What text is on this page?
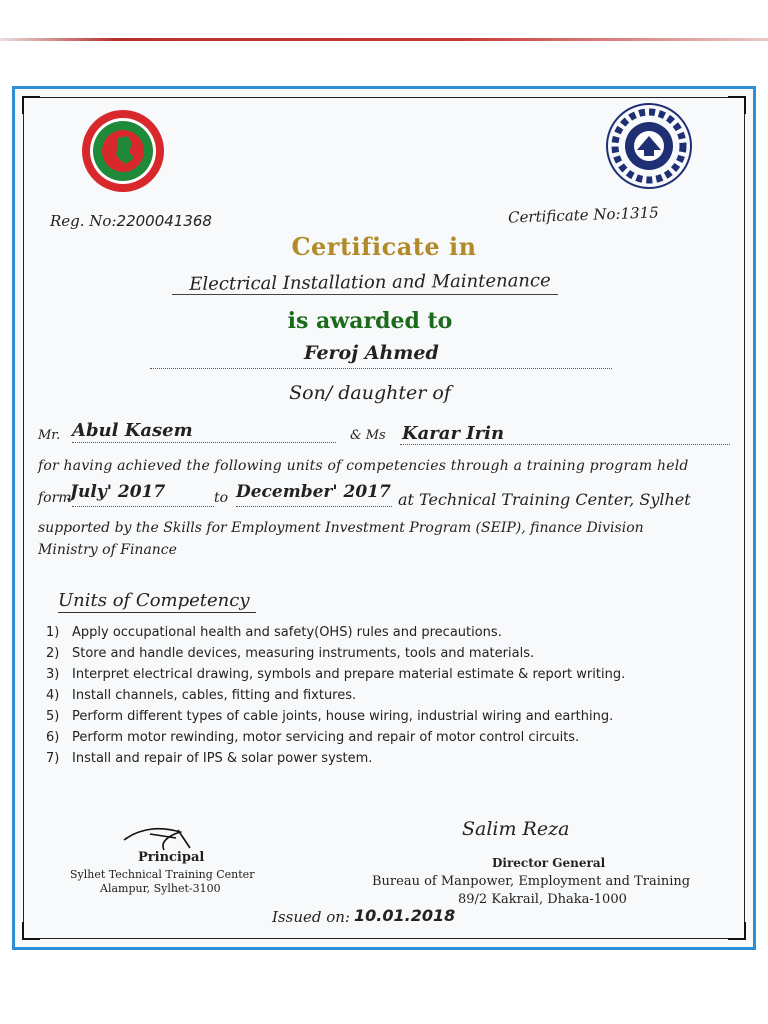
Reg. No:2200041368	Certificate No:1315
Certificate in
Electrical Installation and Maintenance
is awarded to
Feroj Ahmed
Son/ daughter of
Mr. Abul Kasem	& Ms Karar Irin
for having achieved the following units of competencies through a training program held
form
July' 2017	to December' 2017 at Technical Training Center, Sylhet
supported by the Skills for Employment Investment Program (SEIP), finance Division
Ministry of Finance
Units of Competency
1) Apply occupational health and safety(OHS) rules and precautions.
2) Store and handle devices, measuring instruments, tools and materials.
3) Interpret electrical drawing, symbols and prepare material estimate & report writing.
4) Install channels, cables, fitting and fixtures.
5) Perform different types of cable joints, house wiring, industrial wiring and earthing.
6) Perform motor rewinding, motor servicing and repair of motor control circuits.
7) Install and repair of IPS & solar power system.
Principal
Sylhet Technical Training Center
Alampur, Sylhet-3100
Salim Reza
Director General
Bureau of Manpower, Employment and Training
89/2 Kakrail, Dhaka-1000
Issued on: 10.01.2018
